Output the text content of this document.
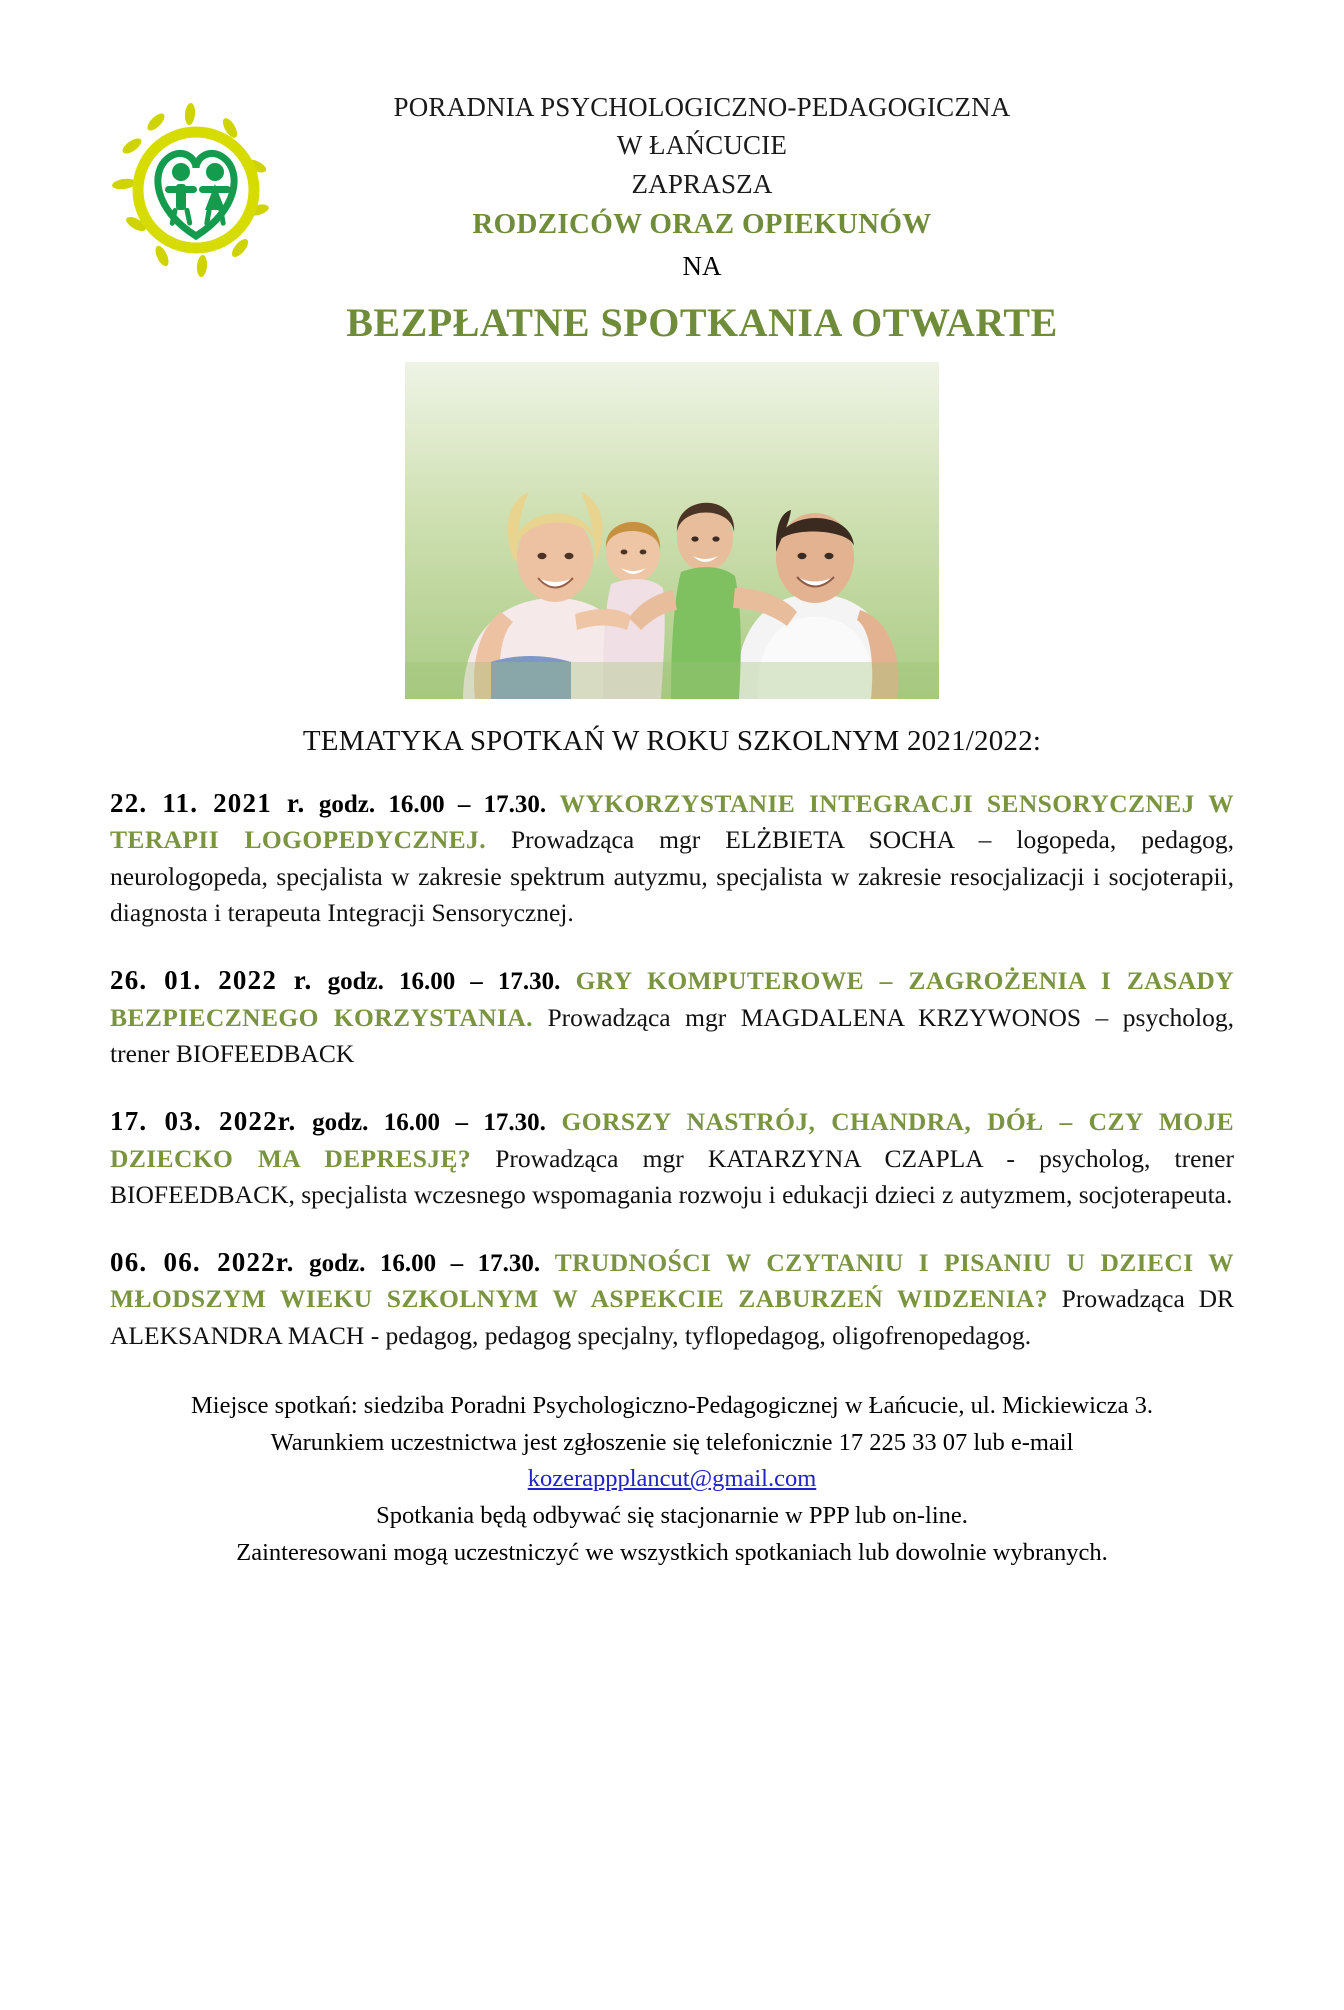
PORADNIA PSYCHOLOGICZNO-PEDAGOGICZNA
W ŁAŃCUCIE
ZAPRASZA
RODZICÓW ORAZ OPIEKUNÓW
NA
BEZPŁATNE SPOTKANIA OTWARTE
TEMATYKA SPOTKAŃ W ROKU SZKOLNYM 2021/2022:
22. 11. 2021 r. godz. 16.00 – 17.30. WYKORZYSTANIE INTEGRACJI SENSORYCZNEJ W TERAPII LOGOPEDYCZNEJ. Prowadząca mgr ELŻBIETA SOCHA – logopeda, pedagog, neurologopeda, specjalista w zakresie spektrum autyzmu, specjalista w zakresie resocjalizacji i socjoterapii, diagnosta i terapeuta Integracji Sensorycznej.
26. 01. 2022 r. godz. 16.00 – 17.30. GRY KOMPUTEROWE – ZAGROŻENIA I ZASADY BEZPIECZNEGO KORZYSTANIA. Prowadząca mgr MAGDALENA KRZYWONOS – psycholog, trener BIOFEEDBACK
17. 03. 2022r. godz. 16.00 – 17.30. GORSZY NASTRÓJ, CHANDRA, DÓŁ – CZY MOJE DZIECKO MA DEPRESJĘ? Prowadząca mgr KATARZYNA CZAPLA - psycholog, trener BIOFEEDBACK, specjalista wczesnego wspomagania rozwoju i edukacji dzieci z autyzmem, socjoterapeuta.
06. 06. 2022r. godz. 16.00 – 17.30. TRUDNOŚCI W CZYTANIU I PISANIU U DZIECI W MŁODSZYM WIEKU SZKOLNYM W ASPEKCIE ZABURZEŃ WIDZENIA? Prowadząca DR ALEKSANDRA MACH - pedagog, pedagog specjalny, tyflopedagog, oligofrenopedagog.
Miejsce spotkań: siedziba Poradni Psychologiczno-Pedagogicznej w Łańcucie, ul. Mickiewicza 3.
Warunkiem uczestnictwa jest zgłoszenie się telefonicznie 17 225 33 07 lub e-mail
kozerappplancut@gmail.com
Spotkania będą odbywać się stacjonarnie w PPP lub on-line.
Zainteresowani mogą uczestniczyć we wszystkich spotkaniach lub dowolnie wybranych.
